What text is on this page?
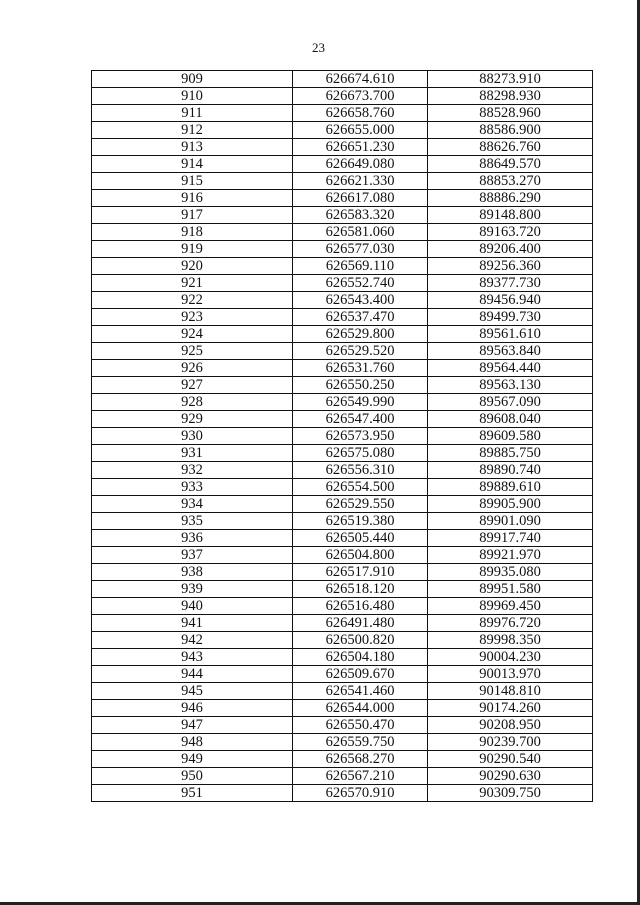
23
909	626674.610	88273.910
910	626673.700	88298.930
911	626658.760	88528.960
912	626655.000	88586.900
913	626651.230	88626.760
914	626649.080	88649.570
915	626621.330	88853.270
916	626617.080	88886.290
917	626583.320	89148.800
918	626581.060	89163.720
919	626577.030	89206.400
920	626569.110	89256.360
921	626552.740	89377.730
922	626543.400	89456.940
923	626537.470	89499.730
924	626529.800	89561.610
925	626529.520	89563.840
926	626531.760	89564.440
927	626550.250	89563.130
928	626549.990	89567.090
929	626547.400	89608.040
930	626573.950	89609.580
931	626575.080	89885.750
932	626556.310	89890.740
933	626554.500	89889.610
934	626529.550	89905.900
935	626519.380	89901.090
936	626505.440	89917.740
937	626504.800	89921.970
938	626517.910	89935.080
939	626518.120	89951.580
940	626516.480	89969.450
941	626491.480	89976.720
942	626500.820	89998.350
943	626504.180	90004.230
944	626509.670	90013.970
945	626541.460	90148.810
946	626544.000	90174.260
947	626550.470	90208.950
948	626559.750	90239.700
949	626568.270	90290.540
950	626567.210	90290.630
951	626570.910	90309.750
